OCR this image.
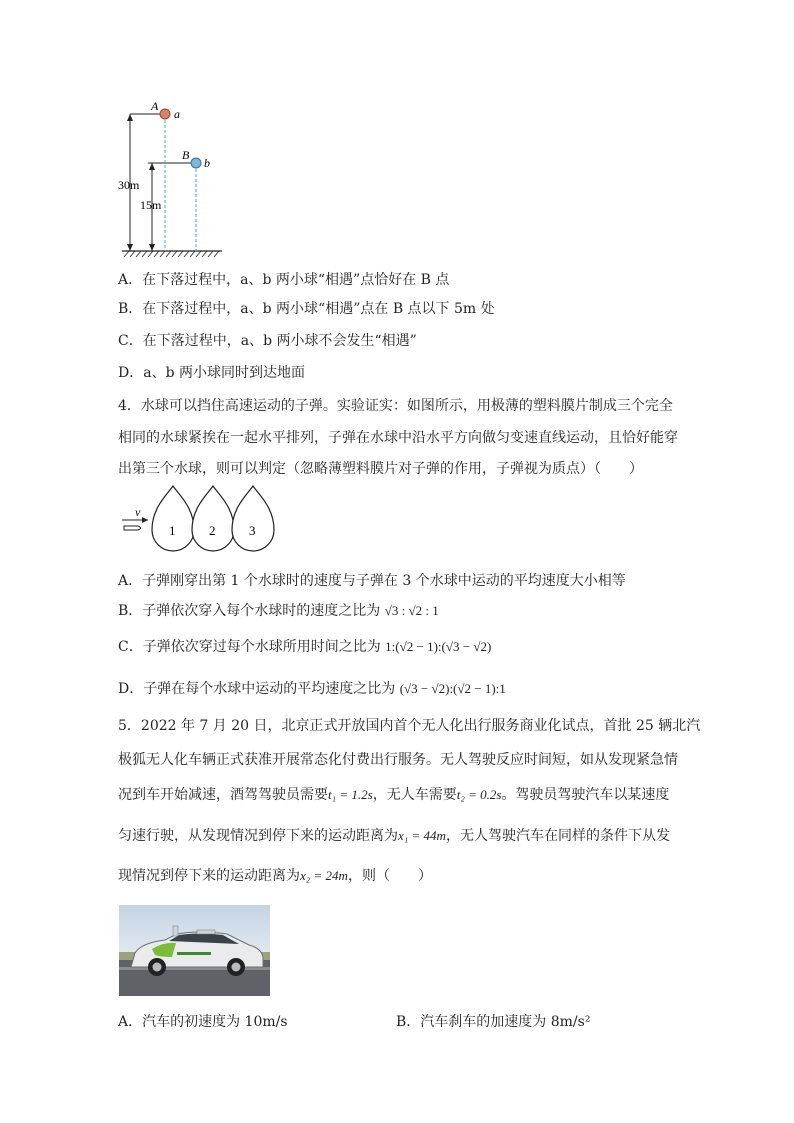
A
a
B
b
30m
15m
A．在下落过程中，a、b 两小球“相遇”点恰好在 B 点
B．在下落过程中，a、b 两小球“相遇”点在 B 点以下 5m 处
C．在下落过程中，a、b 两小球不会发生“相遇”
D．a、b 两小球同时到达地面
4．水球可以挡住高速运动的子弹。实验证实：如图所示，用极薄的塑料膜片制成三个完全
相同的水球紧挨在一起水平排列，子弹在水球中沿水平方向做匀变速直线运动，且恰好能穿
出第三个水球，则可以判定（忽略薄塑料膜片对子弹的作用，子弹视为质点）（　　）
v
1	2	3
A．子弹刚穿出第 1 个水球时的速度与子弹在 3 个水球中运动的平均速度大小相等
B．子弹依次穿入每个水球时的速度之比为 √3 : √2 : 1
C．子弹依次穿过每个水球所用时间之比为 1:(√2 − 1):(√3 − √2)
D．子弹在每个水球中运动的平均速度之比为 (√3 − √2):(√2 − 1):1
5．2022 年 7 月 20 日，北京正式开放国内首个无人化出行服务商业化试点，首批 25 辆北汽
极狐无人化车辆正式获准开展常态化付费出行服务。无人驾驶反应时间短，如从发现紧急情
况到车开始减速，酒驾驾驶员需要t₁ = 1.2s，无人车需要t₂ = 0.2s。驾驶员驾驶汽车以某速度
匀速行驶，从发现情况到停下来的运动距离为x₁ = 44m，无人驾驶汽车在同样的条件下从发
现情况到停下来的运动距离为x₂ = 24m，则（　　）
A．汽车的初速度为 10m/s	B．汽车刹车的加速度为 8m/s²
